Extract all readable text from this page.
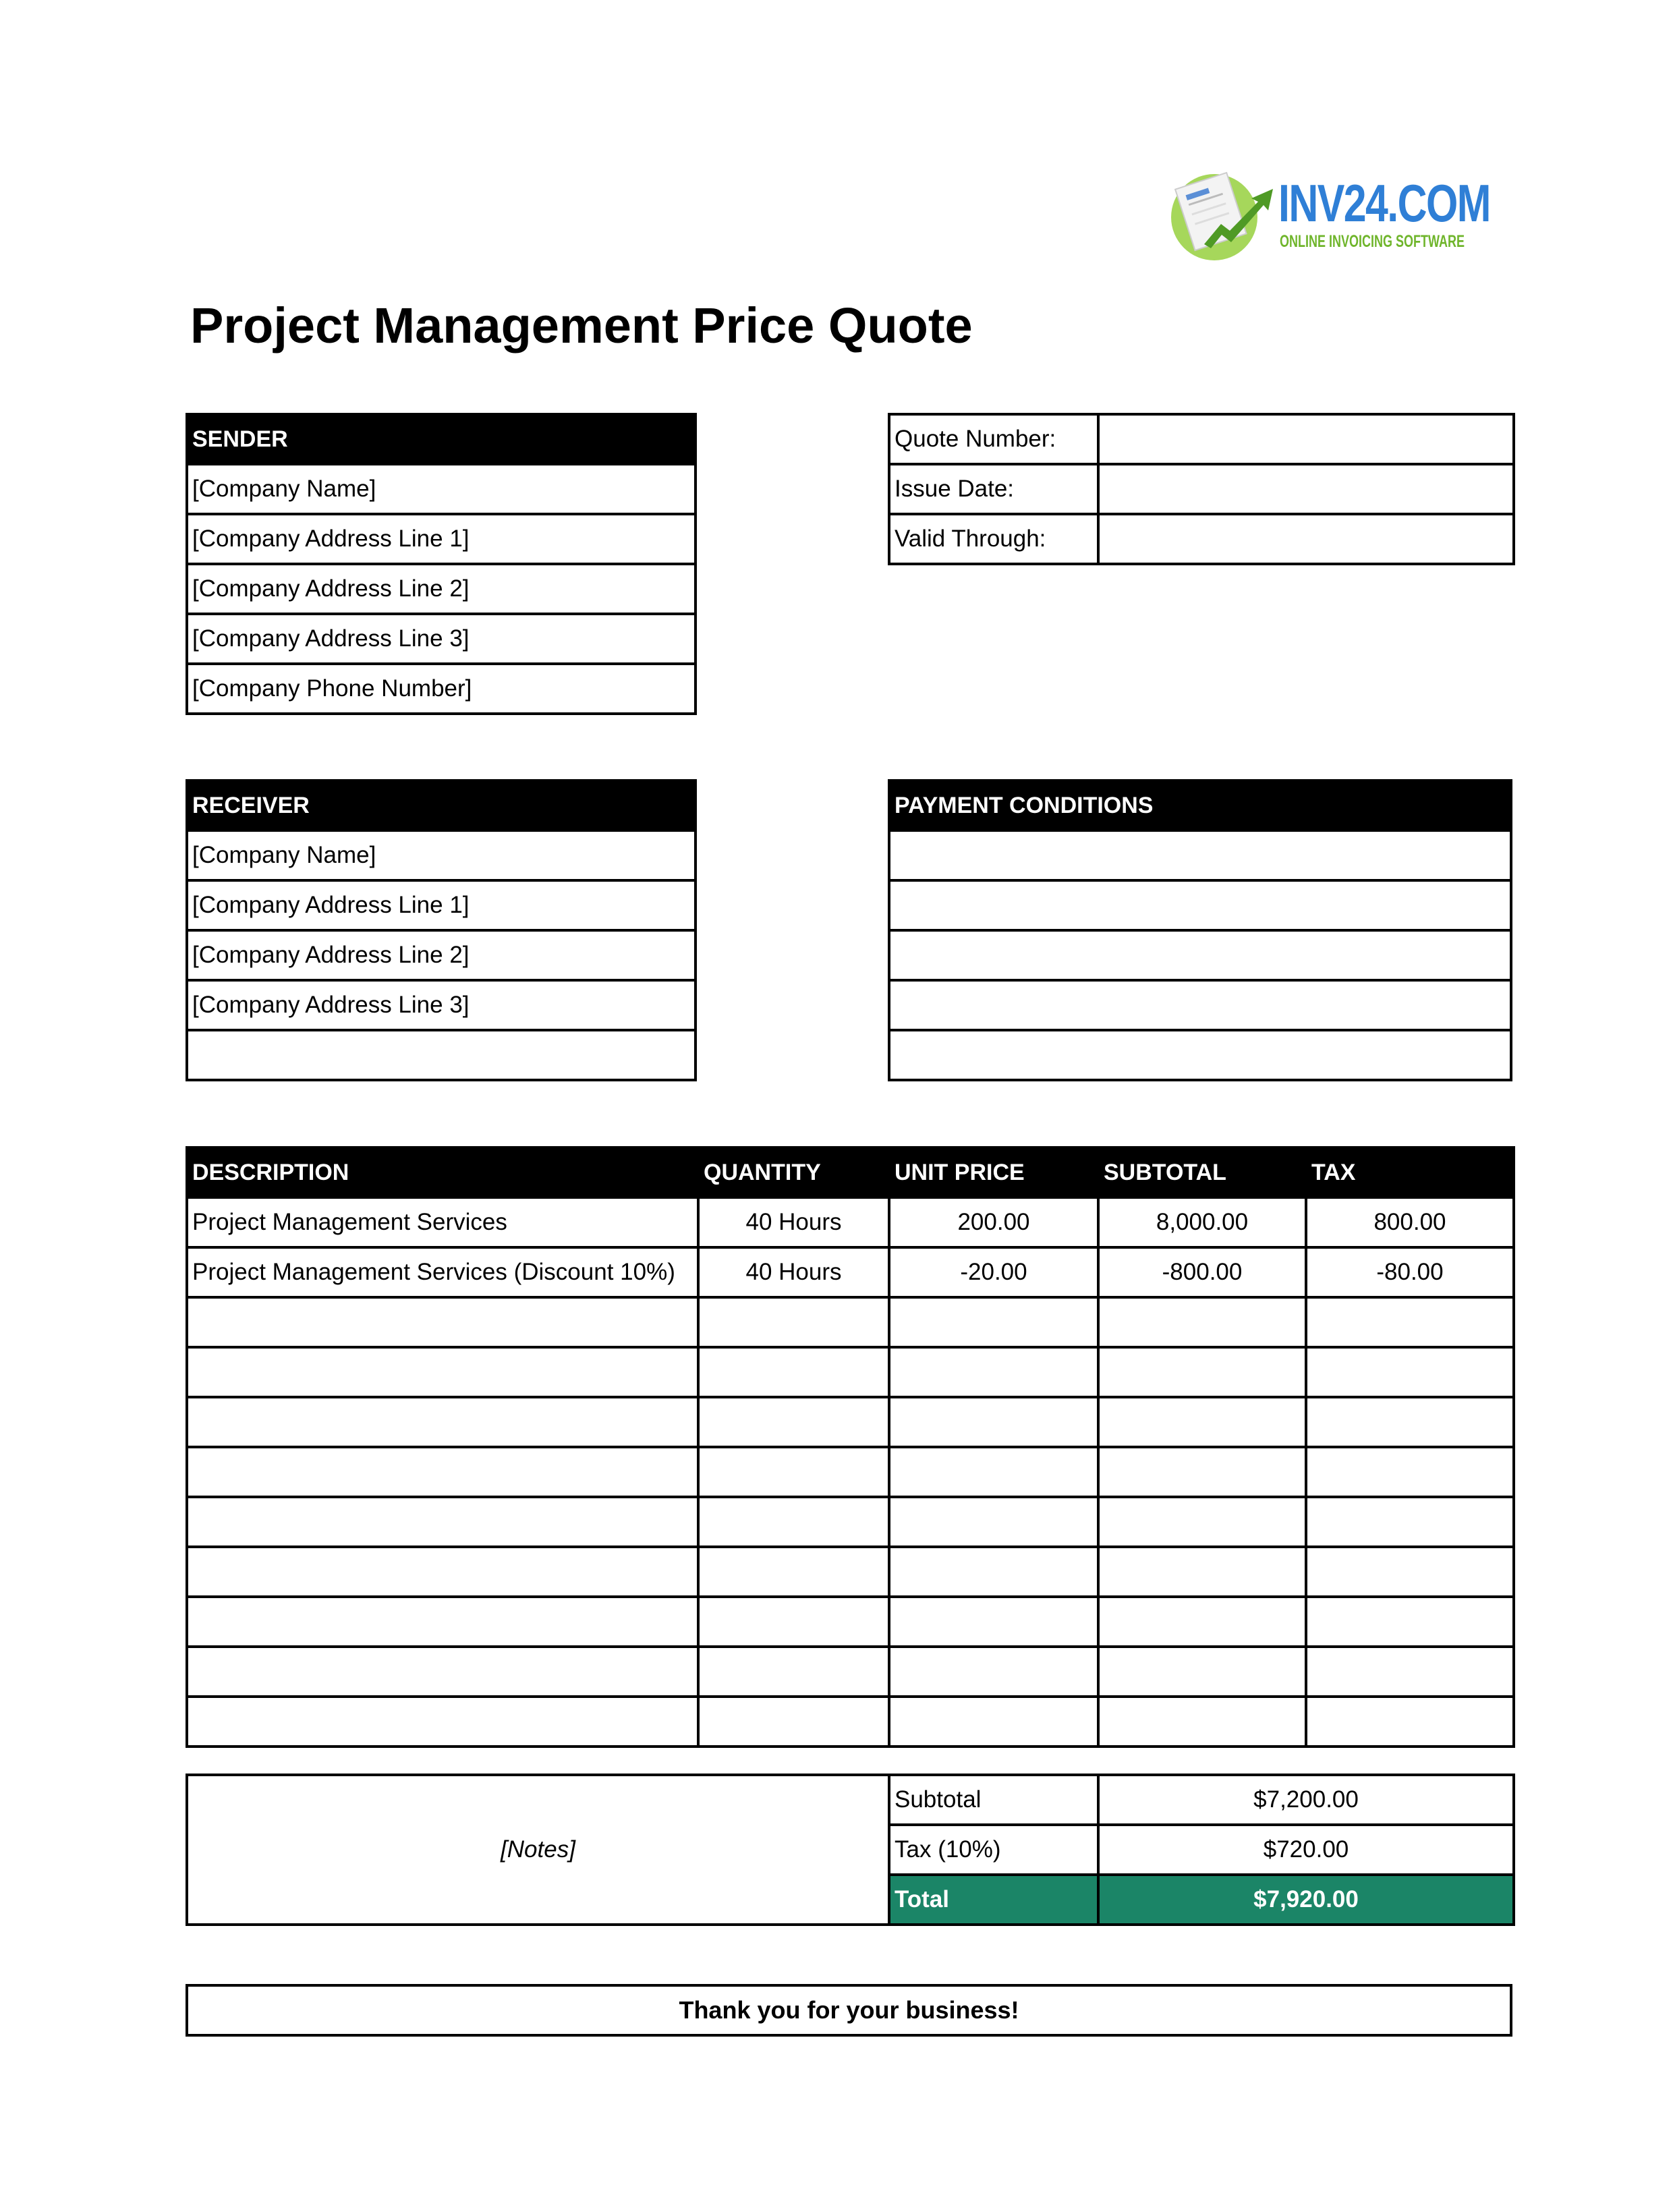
INV24.COM
ONLINE INVOICING SOFTWARE
Project Management Price Quote
SENDER
[Company Name]
[Company Address Line 1]
[Company Address Line 2]
[Company Address Line 3]
[Company Phone Number]
Quote Number:	
Issue Date:	
Valid Through:	
RECEIVER
[Company Name]
[Company Address Line 1]
[Company Address Line 2]
[Company Address Line 3]

PAYMENT CONDITIONS

DESCRIPTION	QUANTITY	UNIT PRICE	SUBTOTAL	TAX
Project Management Services	40 Hours	200.00	8,000.00	800.00
Project Management Services (Discount 10%)	40 Hours	-20.00	-800.00	-80.00

[Notes]	Subtotal	$7,200.00
	Tax (10%)	$720.00
	Total	$7,920.00
Thank you for your business!
